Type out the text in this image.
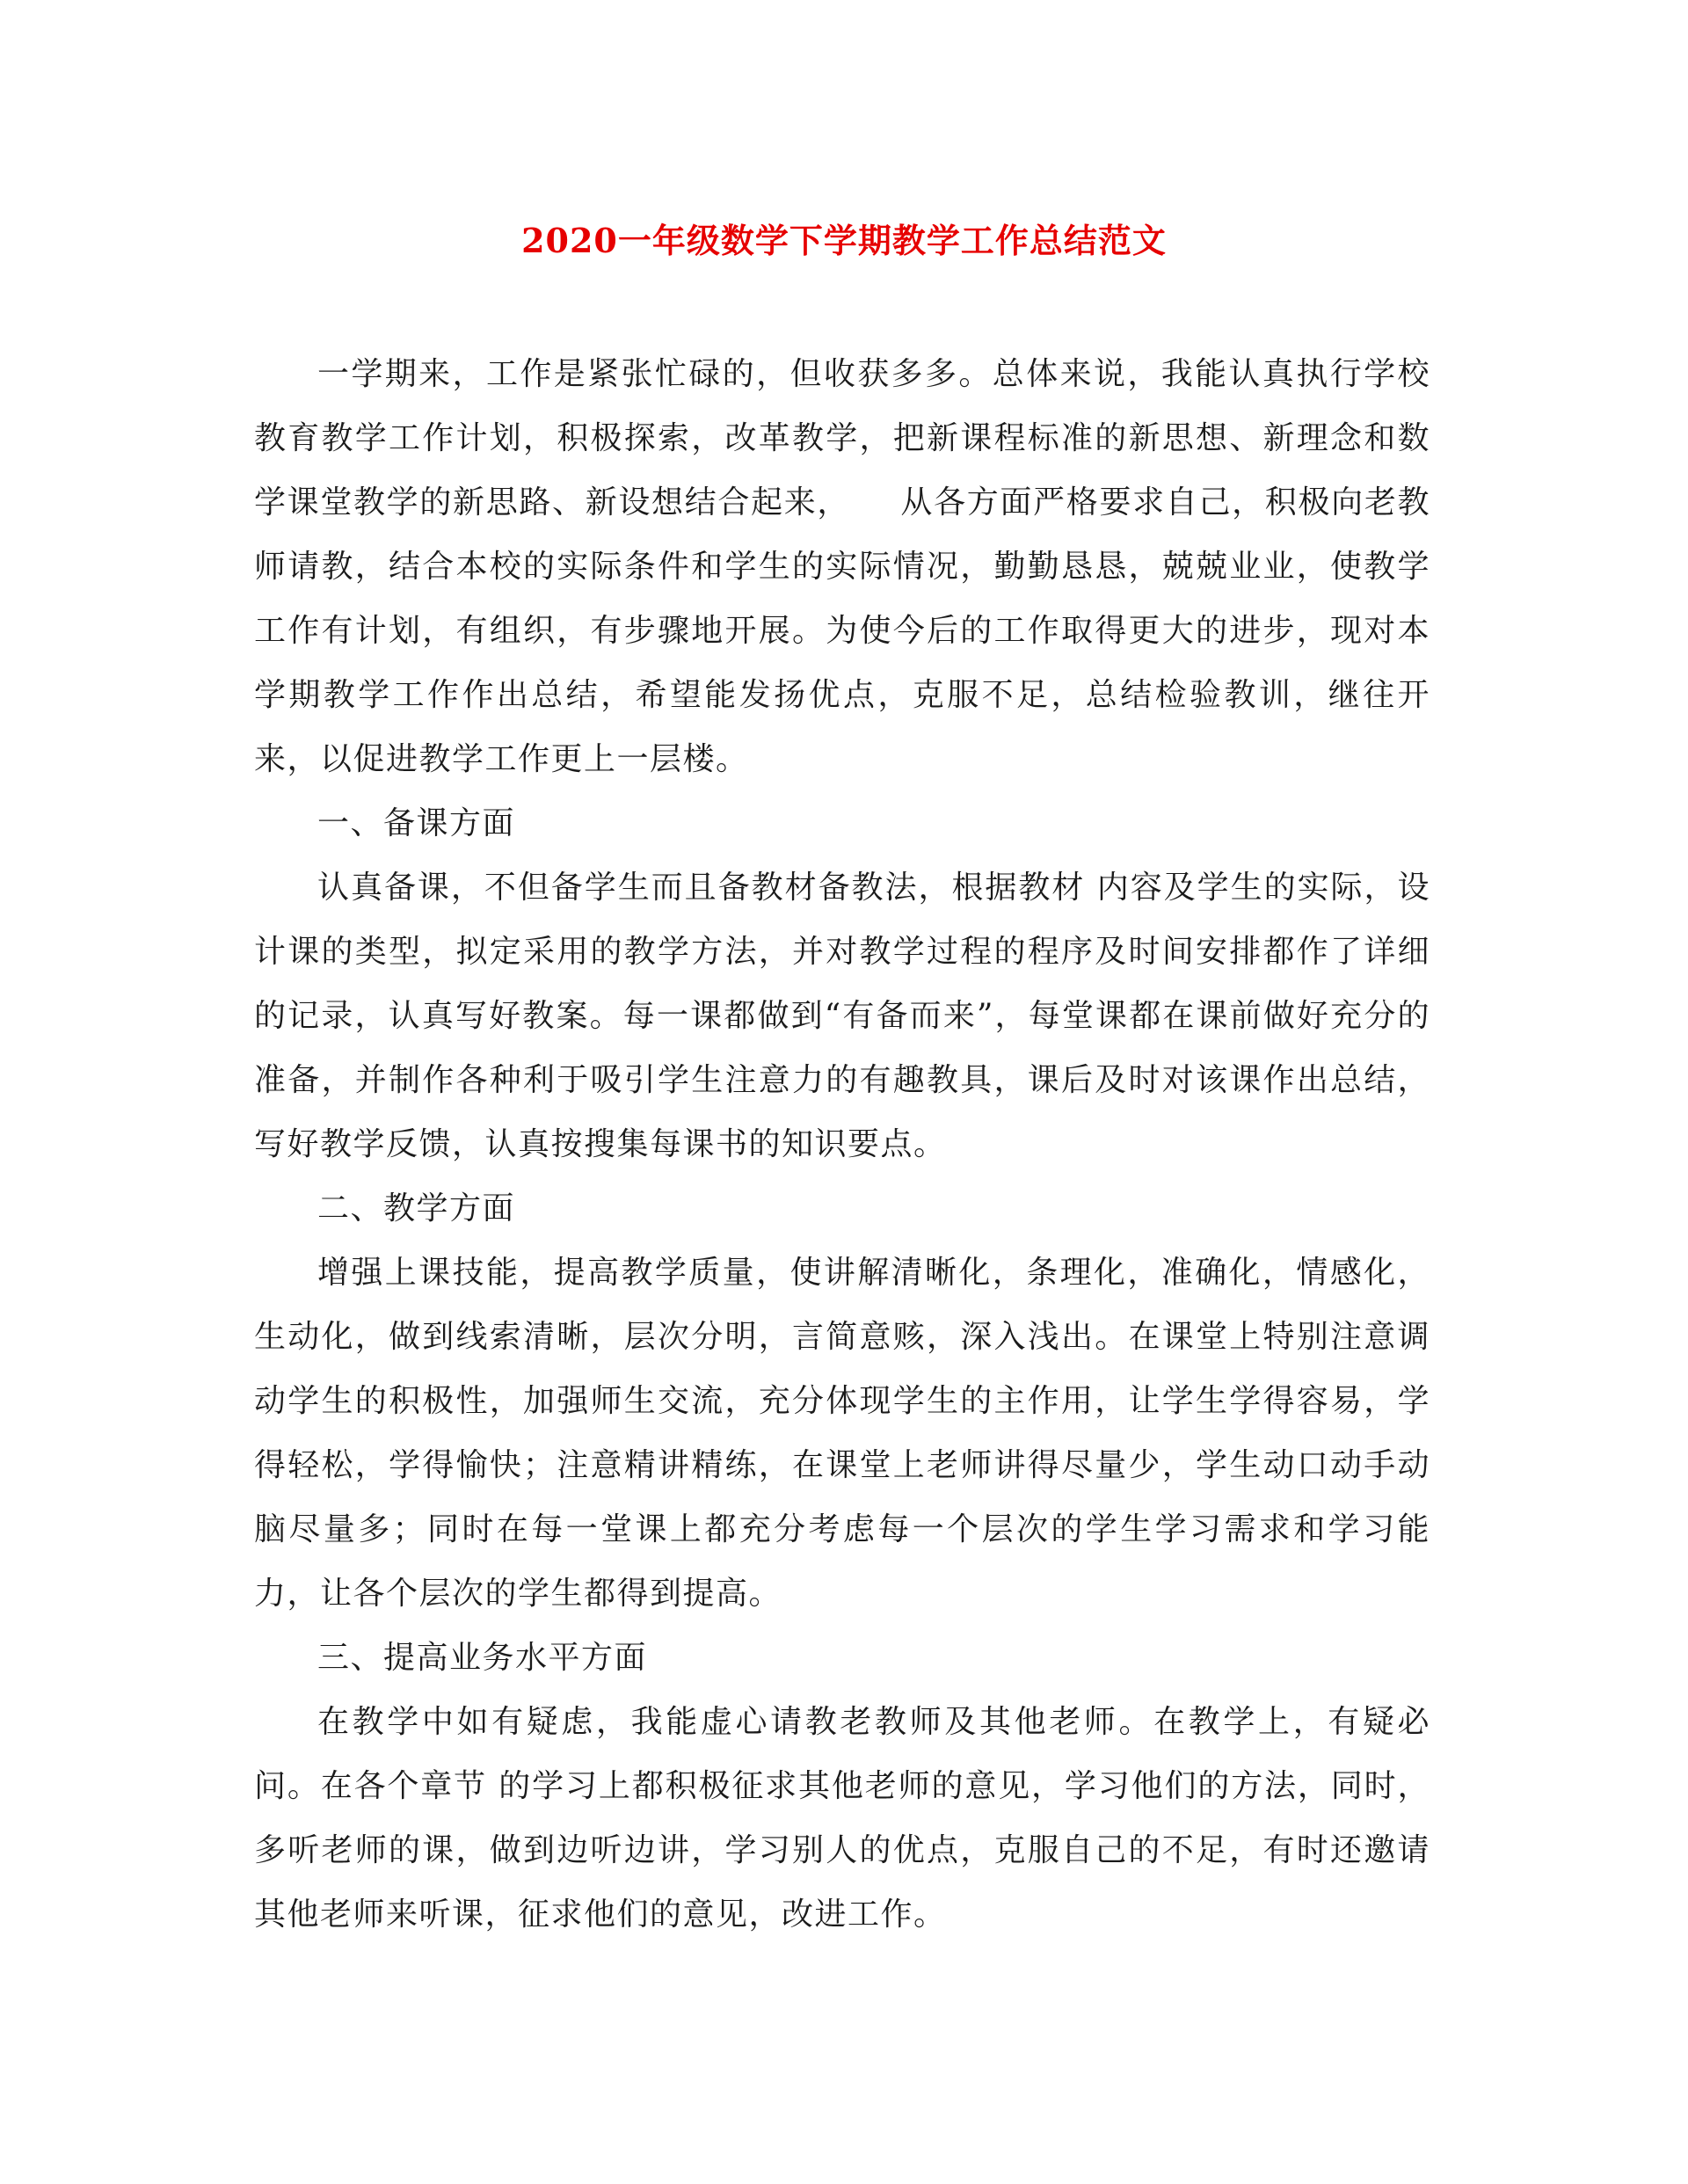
2020一年级数学下学期教学工作总结范文

一学期来，工作是紧张忙碌的，但收获多多。总体来说，我能认真执行学校教育教学工作计划，积极探索，改革教学，把新课程标准的新思想、新理念和数学课堂教学的新思路、新设想结合起来，　　从各方面严格要求自己，积极向老教师请教，结合本校的实际条件和学生的实际情况，勤勤恳恳，兢兢业业，使教学工作有计划，有组织，有步骤地开展。为使今后的工作取得更大的进步，现对本学期教学工作作出总结，希望能发扬优点，克服不足，总结检验教训，继往开来，以促进教学工作更上一层楼。

一、备课方面

认真备课，不但备学生而且备教材备教法，根据教材 内容及学生的实际，设计课的类型，拟定采用的教学方法，并对教学过程的程序及时间安排都作了详细的记录，认真写好教案。每一课都做到“有备而来”，每堂课都在课前做好充分的准备，并制作各种利于吸引学生注意力的有趣教具，课后及时对该课作出总结，写好教学反馈，认真按搜集每课书的知识要点。

二、教学方面

增强上课技能，提高教学质量，使讲解清晰化，条理化，准确化，情感化，生动化，做到线索清晰，层次分明，言简意赅，深入浅出。在课堂上特别注意调动学生的积极性，加强师生交流，充分体现学生的主作用，让学生学得容易，学得轻松，学得愉快；注意精讲精练，在课堂上老师讲得尽量少，学生动口动手动脑尽量多；同时在每一堂课上都充分考虑每一个层次的学生学习需求和学习能力，让各个层次的学生都得到提高。

三、提高业务水平方面

在教学中如有疑虑，我能虚心请教老教师及其他老师。在教学上，有疑必问。在各个章节 的学习上都积极征求其他老师的意见，学习他们的方法，同时，多听老师的课，做到边听边讲，学习别人的优点，克服自己的不足，有时还邀请其他老师来听课，征求他们的意见，改进工作。
